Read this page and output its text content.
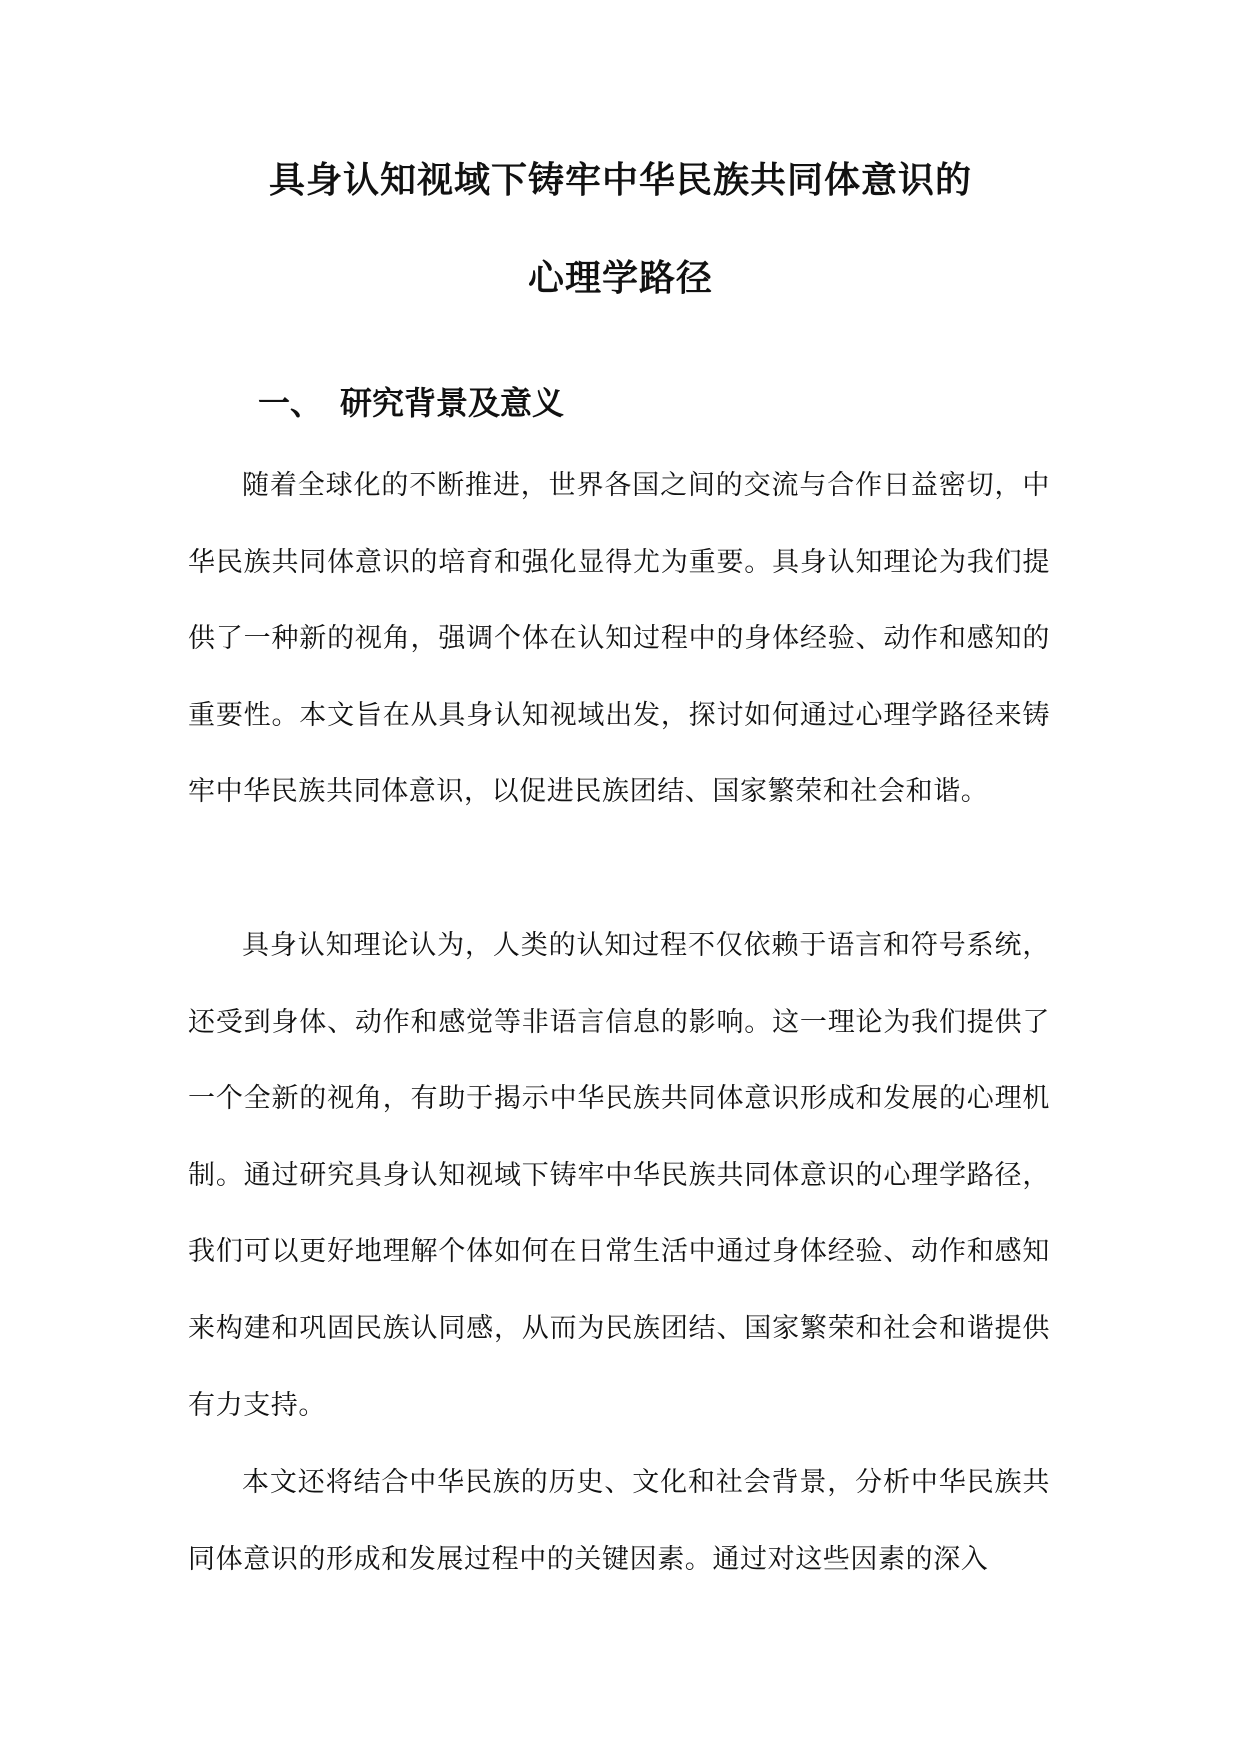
具身认知视域下铸牢中华民族共同体意识的
心理学路径
一、 研究背景及意义

随着全球化的不断推进，世界各国之间的交流与合作日益密切，中华民族共同体意识的培育和强化显得尤为重要。具身认知理论为我们提供了一种新的视角，强调个体在认知过程中的身体经验、动作和感知的重要性。本文旨在从具身认知视域出发，探讨如何通过心理学路径来铸牢中华民族共同体意识，以促进民族团结、国家繁荣和社会和谐。

具身认知理论认为，人类的认知过程不仅依赖于语言和符号系统，还受到身体、动作和感觉等非语言信息的影响。这一理论为我们提供了一个全新的视角，有助于揭示中华民族共同体意识形成和发展的心理机制。通过研究具身认知视域下铸牢中华民族共同体意识的心理学路径，我们可以更好地理解个体如何在日常生活中通过身体经验、动作和感知来构建和巩固民族认同感，从而为民族团结、国家繁荣和社会和谐提供有力支持。

本文还将结合中华民族的历史、文化和社会背景，分析中华民族共同体意识的形成和发展过程中的关键因素。通过对这些因素的深入
